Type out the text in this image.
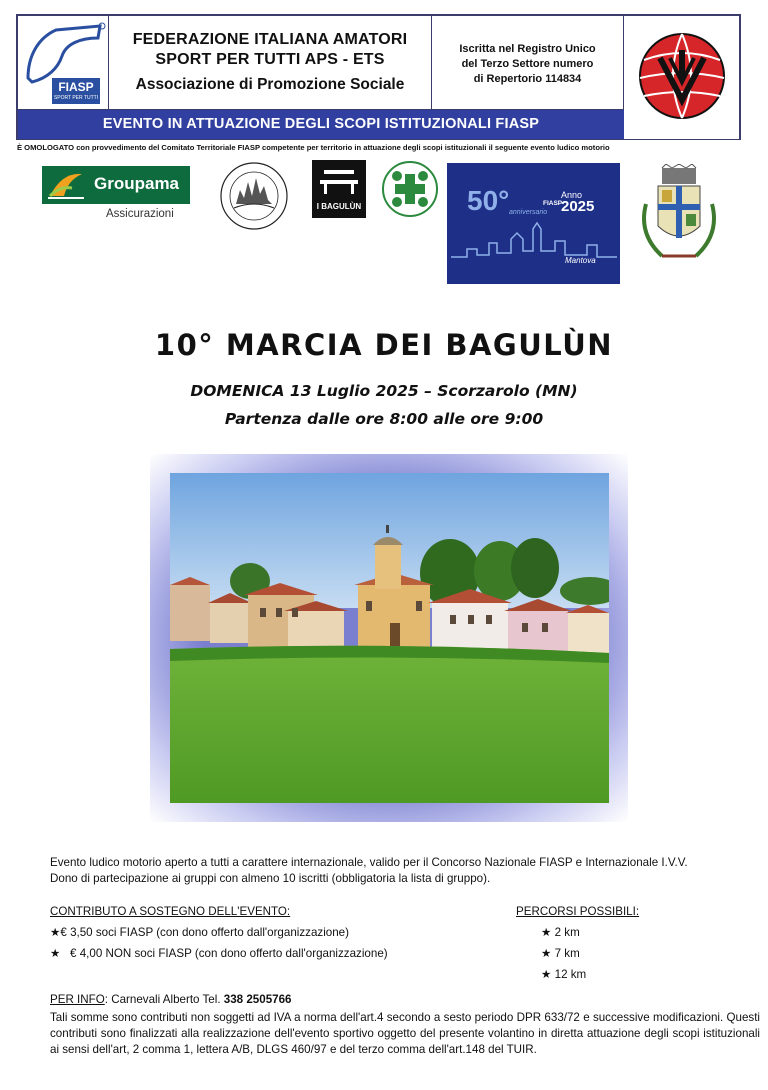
FIASP
SPORT PER TUTTI
FEDERAZIONE ITALIANA AMATORI
SPORT PER TUTTI APS - ETS
Associazione di Promozione Sociale
Iscritta nel Registro Unico
del Terzo Settore numero
di Repertorio 114834
EVENTO IN ATTUAZIONE DEGLI SCOPI ISTITUZIONALI FIASP
È OMOLOGATO con provvedimento del Comitato Territoriale FIASP competente per territorio in attuazione degli scopi istituzionali il seguente evento ludico motorio
Groupama
Assicurazioni
I BAGULÙN	50° anniversario
FIASP
Anno
2025
Mantova
10° MARCIA DEI BAGULÙN
DOMENICA 13 Luglio 2025 – Scorzarolo (MN)
Partenza dalle ore 8:00 alle ore 9:00
Evento ludico motorio aperto a tutti a carattere internazionale, valido per il Concorso Nazionale FIASP e Internazionale I.V.V.
Dono di partecipazione ai gruppi con almeno 10 iscritti (obbligatoria la lista di gruppo).
CONTRIBUTO A SOSTEGNO DELL'EVENTO:
★€ 3,50 soci FIASP (con dono offerto dall'organizzazione)
★   € 4,00 NON soci FIASP (con dono offerto dall'organizzazione)
PERCORSI POSSIBILI:
★ 2 km
★ 7 km
★ 12 km
PER INFO: Carnevali Alberto Tel. 338 2505766
Tali somme sono contributi non soggetti ad IVA a norma dell'art.4 secondo a sesto periodo DPR 633/72 e successive modificazioni. Questi contributi sono finalizzati alla realizzazione dell'evento sportivo oggetto del presente volantino in diretta attuazione degli scopi istituzionali ai sensi dell'art, 2 comma 1, lettera A/B, DLGS 460/97 e del terzo comma dell'art.148 del TUIR.
